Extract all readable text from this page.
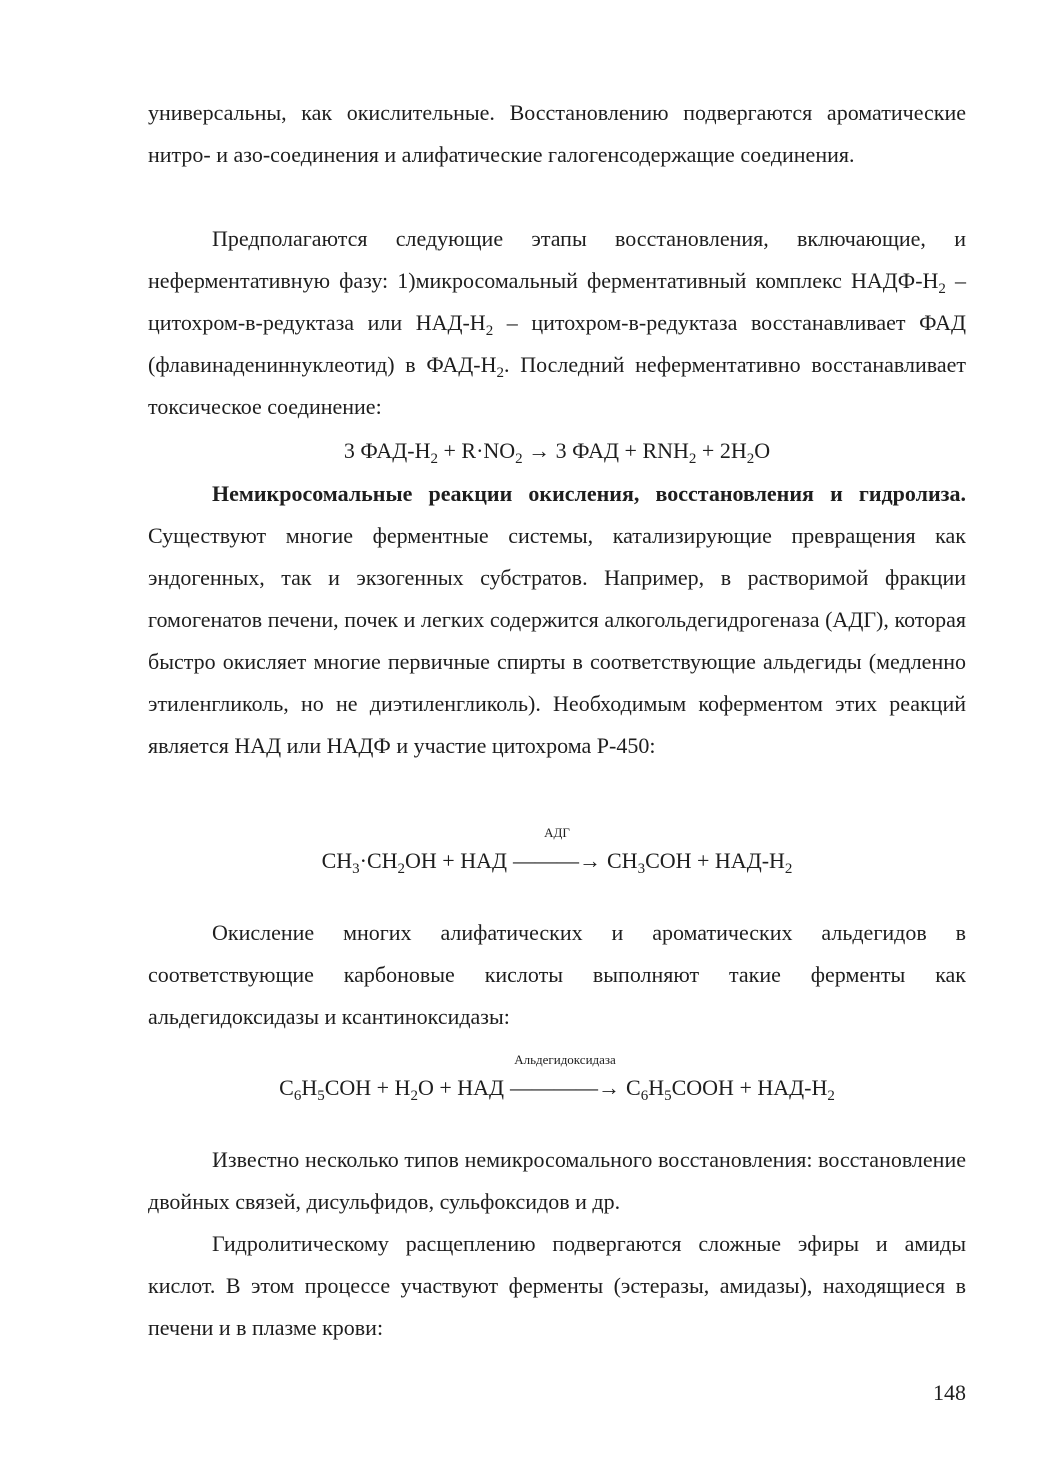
универсальны, как окислительные. Восстановлению подвергаются ароматические нитро- и азо-соединения и алифатические галогенсодержащие соединения.

Предполагаются следующие этапы восстановления, включающие, и неферментативную фазу: 1)микросомальный ферментативный комплекс НАДФ-$Н_2$ – цитохром-в-редуктаза или НАД-$Н_2$ – цитохром-в-редуктаза восстанавливает ФАД (флавинадениннуклеотид) в ФАД-$Н_2$. Последний неферментативно восстанавливает токсическое соединение:

3 ФАД-$Н_2 + R\cdot NO_2 \to 3$ ФАД + $RNH_2 + 2H_2O$

Немикросомальные реакции окисления, восстановления и гидролиза. Существуют многие ферментные системы, катализирующие превращения как эндогенных, так и экзогенных субстратов. Например, в растворимой фракции гомогенатов печени, почек и легких содержится алкогольдегидрогеназа (АДГ), которая быстро окисляет многие первичные спирты в соответствующие альдегиды (медленно этиленгликоль, но не диэтиленгликоль). Необходимым коферментом этих реакций является НАД или НАДФ и участие цитохрома Р-450:

$CH_3\cdot CH_2OH$ + НАД
АДГ
———→ $CH_3COH + НАД-Н_2$

Окисление многих алифатических и ароматических альдегидов в соответствующие карбоновые кислоты выполняют такие ферменты как альдегидоксидазы и ксантиноксидазы:

$C_6H_5COH + H_2O$ + НАД
Альдегидоксидаза
————→ $C_6H_5COOH + НАД-Н_2$

Известно несколько типов немикросомального восстановления: восстановление двойных связей, дисульфидов, сульфоксидов и др.

Гидролитическому расщеплению подвергаются сложные эфиры и амиды кислот. В этом процессе участвуют ферменты (эстеразы, амидазы), находящиеся в печени и в плазме крови:

148
